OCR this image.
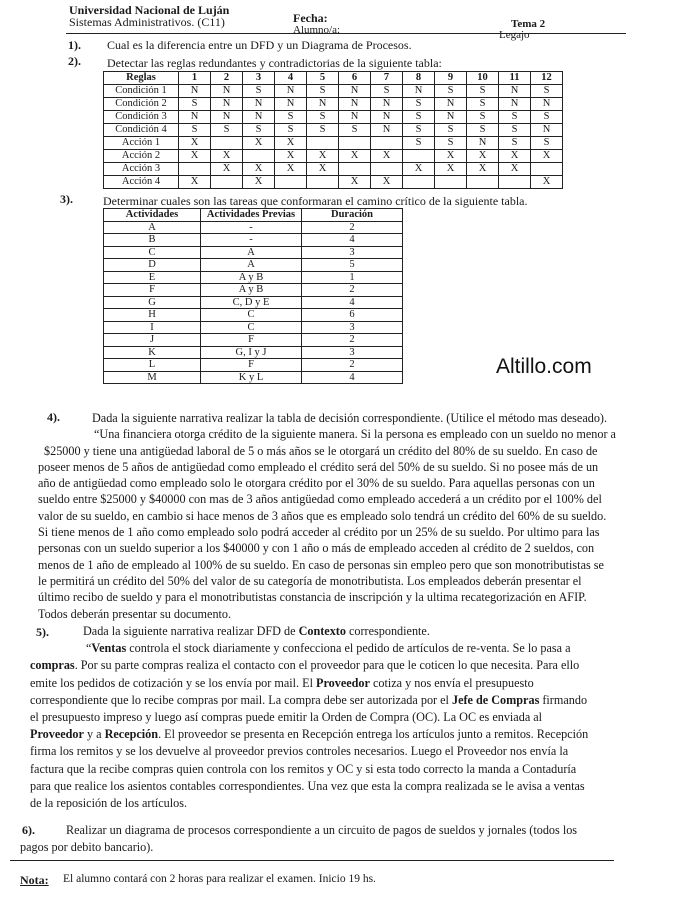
Universidad Nacional de Luján
Sistemas Administrativos. (C11)	Fecha:
Alumno/a:	Tema 2
Legajo
1). Cual es la diferencia entre un DFD y un Diagrama de Procesos.
2). Detectar las reglas redundantes y contradictorias de la siguiente tabla:
Reglas	1	2	3	4	5	6	7	8	9	10	11	12
Condición 1	N	N	S	N	S	N	S	N	S	S	N	S
Condición 2	S	N	N	N	N	N	N	S	N	S	N	N
Condición 3	N	N	N	S	S	N	N	S	N	S	S	S
Condición 4	S	S	S	S	S	S	N	S	S	S	S	N
Acción 1	X		X	X				S	S	N	S	S
Acción 2	X	X		X	X	X	X		X	X	X	X
Acción 3		X	X	X	X			X	X	X	X	
Acción 4	X		X			X	X					X
3).	Determinar cuales son las tareas que conformaran el camino crítico de la siguiente tabla.
Actividades	Actividades Previas	Duración
A	-	2
B	-	4
C	A	3
D	A	5
E	A y B	1
F	A y B	2
G	C, D y E	4
H	C	6
I	C	3
J	F	2
K	G, I y J	3
L	F	2
M	K y L	4	Altillo.com
4).	Dada la siguiente narrativa realizar la tabla de decisión correspondiente. (Utilice el método mas deseado).
“Una financiera otorga crédito de la siguiente manera. Si la persona es empleado con un sueldo no menor a
$25000 y tiene una antigüedad laboral de 5 o más años se le otorgará un crédito del 80% de su sueldo. En caso de
poseer menos de 5 años de antigüedad como empleado el crédito será del 50% de su sueldo. Si no posee más de un
año de antigüedad como empleado solo le otorgara crédito por el 30% de su sueldo. Para aquellas personas con un
sueldo entre $25000 y $40000 con mas de 3 años antigüedad como empleado accederá a un crédito por el 100% del
valor de su sueldo, en cambio si hace menos de 3 años que es empleado solo tendrá un crédito del 60% de su sueldo.
Si tiene menos de 1 año como empleado solo podrá acceder al crédito por un 25% de su sueldo. Por ultimo para las
personas con un sueldo superior a los $40000 y con 1 año o más de empleado acceden al crédito de 2 sueldos, con
menos de 1 año de empleado al 100% de su sueldo. En caso de personas sin empleo pero que son monotributistas se
le permitirá un crédito del 50% del valor de su categoría de monotributista. Los empleados deberán presentar el
último recibo de sueldo y para el monotributistas constancia de inscripción y la ultima recategorización en AFIP.
Todos deberán presentar su documento.
5).	Dada la siguiente narrativa realizar DFD de Contexto correspondiente.
“Ventas controla el stock diariamente y confecciona el pedido de artículos de re-venta. Se lo pasa a
compras. Por su parte compras realiza el contacto con el proveedor para que le coticen lo que necesita. Para ello
emite los pedidos de cotización y se los envía por mail. El Proveedor cotiza y nos envía el presupuesto
correspondiente que lo recibe compras por mail. La compra debe ser autorizada por el Jefe de Compras firmando
el presupuesto impreso y luego así compras puede emitir la Orden de Compra (OC). La OC es enviada al
Proveedor y a Recepción. El proveedor se presenta en Recepción entrega los artículos junto a remitos. Recepción
firma los remitos y se los devuelve al proveedor previos controles necesarios. Luego el Proveedor nos envía la
factura que la recibe compras quien controla con los remitos y OC y si esta todo correcto la manda a Contaduría
para que realice los asientos contables correspondientes. Una vez que esta la compra realizada se le avisa a ventas
de la reposición de los artículos.
6).	Realizar un diagrama de procesos correspondiente a un circuito de pagos de sueldos y jornales (todos los
pagos por debito bancario).
Nota: El alumno contará con 2 horas para realizar el examen. Inicio 19 hs.
